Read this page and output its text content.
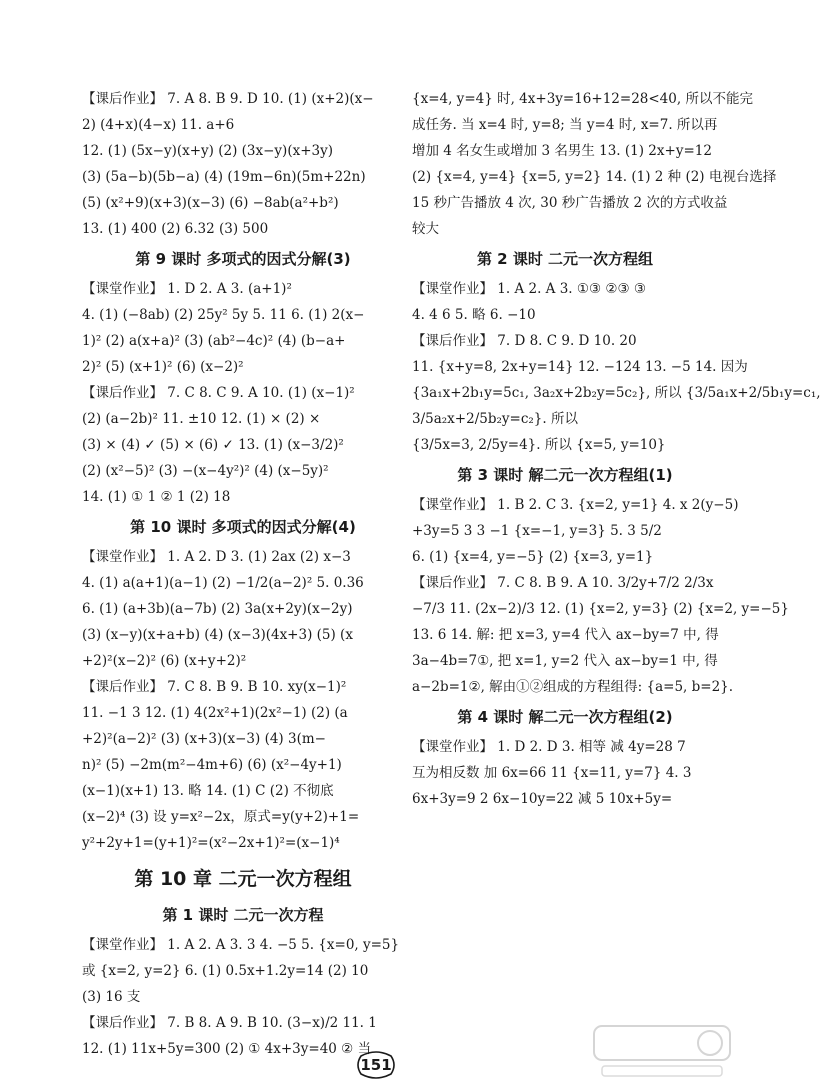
【课后作业】 7. A 8. B 9. D 10. (1) (x+2)(x−
2) (4+x)(4−x) 11. a+6
12. (1) (5x−y)(x+y) (2) (3x−y)(x+3y)
(3) (5a−b)(5b−a) (4) (19m−6n)(5m+22n)
(5) (x²+9)(x+3)(x−3) (6) −8ab(a²+b²)
13. (1) 400 (2) 6.32 (3) 500
第 9 课时 多项式的因式分解(3)
【课堂作业】 1. D 2. A 3. (a+1)²
4. (1) (−8ab) (2) 25y² 5y 5. 11 6. (1) 2(x−
1)² (2) a(x+a)² (3) (ab²−4c)² (4) (b−a+
2)² (5) (x+1)² (6) (x−2)²
【课后作业】 7. C 8. C 9. A 10. (1) (x−1)²
(2) (a−2b)² 11. ±10 12. (1) × (2) ×
(3) × (4) ✓ (5) × (6) ✓ 13. (1) (x−3/2)²
(2) (x²−5)² (3) −(x−4y²)² (4) (x−5y)²
14. (1) ① 1 ② 1 (2) 18
第 10 课时 多项式的因式分解(4)
【课堂作业】 1. A 2. D 3. (1) 2ax (2) x−3
4. (1) a(a+1)(a−1) (2) −1/2(a−2)² 5. 0.36
6. (1) (a+3b)(a−7b) (2) 3a(x+2y)(x−2y)
(3) (x−y)(x+a+b) (4) (x−3)(4x+3) (5) (x
+2)²(x−2)² (6) (x+y+2)²
【课后作业】 7. C 8. B 9. B 10. xy(x−1)²
11. −1 3 12. (1) 4(2x²+1)(2x²−1) (2) (a
+2)²(a−2)² (3) (x+3)(x−3) (4) 3(m−
n)² (5) −2m(m²−4m+6) (6) (x²−4y+1)
(x−1)(x+1) 13. 略 14. (1) C (2) 不彻底
(x−2)⁴ (3) 设 y=x²−2x，原式=y(y+2)+1=
y²+2y+1=(y+1)²=(x²−2x+1)²=(x−1)⁴
第 10 章 二元一次方程组
第 1 课时 二元一次方程
【课堂作业】 1. A 2. A 3. 3 4. −5 5. {x=0, y=5}
或 {x=2, y=2} 6. (1) 0.5x+1.2y=14 (2) 10
(3) 16 支
【课后作业】 7. B 8. A 9. B 10. (3−x)/2 11. 1
12. (1) 11x+5y=300 (2) ① 4x+3y=40 ② 当
{x=4, y=4} 时, 4x+3y=16+12=28<40, 所以不能完
成任务. 当 x=4 时, y=8; 当 y=4 时, x=7. 所以再
增加 4 名女生或增加 3 名男生 13. (1) 2x+y=12
(2) {x=4, y=4} {x=5, y=2} 14. (1) 2 种 (2) 电视台选择
15 秒广告播放 4 次, 30 秒广告播放 2 次的方式收益
较大
第 2 课时 二元一次方程组
【课堂作业】 1. A 2. A 3. ①③ ②③ ③
4. 4 6 5. 略 6. −10
【课后作业】 7. D 8. C 9. D 10. 20
11. {x+y=8, 2x+y=14} 12. −124 13. −5 14. 因为
{3a₁x+2b₁y=5c₁, 3a₂x+2b₂y=5c₂}, 所以 {3/5a₁x+2/5b₁y=c₁,
3/5a₂x+2/5b₂y=c₂}. 所以
{3/5x=3, 2/5y=4}. 所以 {x=5, y=10}
第 3 课时 解二元一次方程组(1)
【课堂作业】 1. B 2. C 3. {x=2, y=1} 4. x 2(y−5)
+3y=5 3 3 −1 {x=−1, y=3} 5. 3 5/2
6. (1) {x=4, y=−5} (2) {x=3, y=1}
【课后作业】 7. C 8. B 9. A 10. 3/2y+7/2 2/3x
−7/3 11. (2x−2)/3 12. (1) {x=2, y=3} (2) {x=2, y=−5}
13. 6 14. 解: 把 x=3, y=4 代入 ax−by=7 中, 得
3a−4b=7①, 把 x=1, y=2 代入 ax−by=1 中, 得
a−2b=1②, 解由①②组成的方程组得: {a=5, b=2}.
第 4 课时 解二元一次方程组(2)
【课堂作业】 1. D 2. D 3. 相等 减 4y=28 7
互为相反数 加 6x=66 11 {x=11, y=7} 4. 3
6x+3y=9 2 6x−10y=22 减 5 10x+5y=
151
